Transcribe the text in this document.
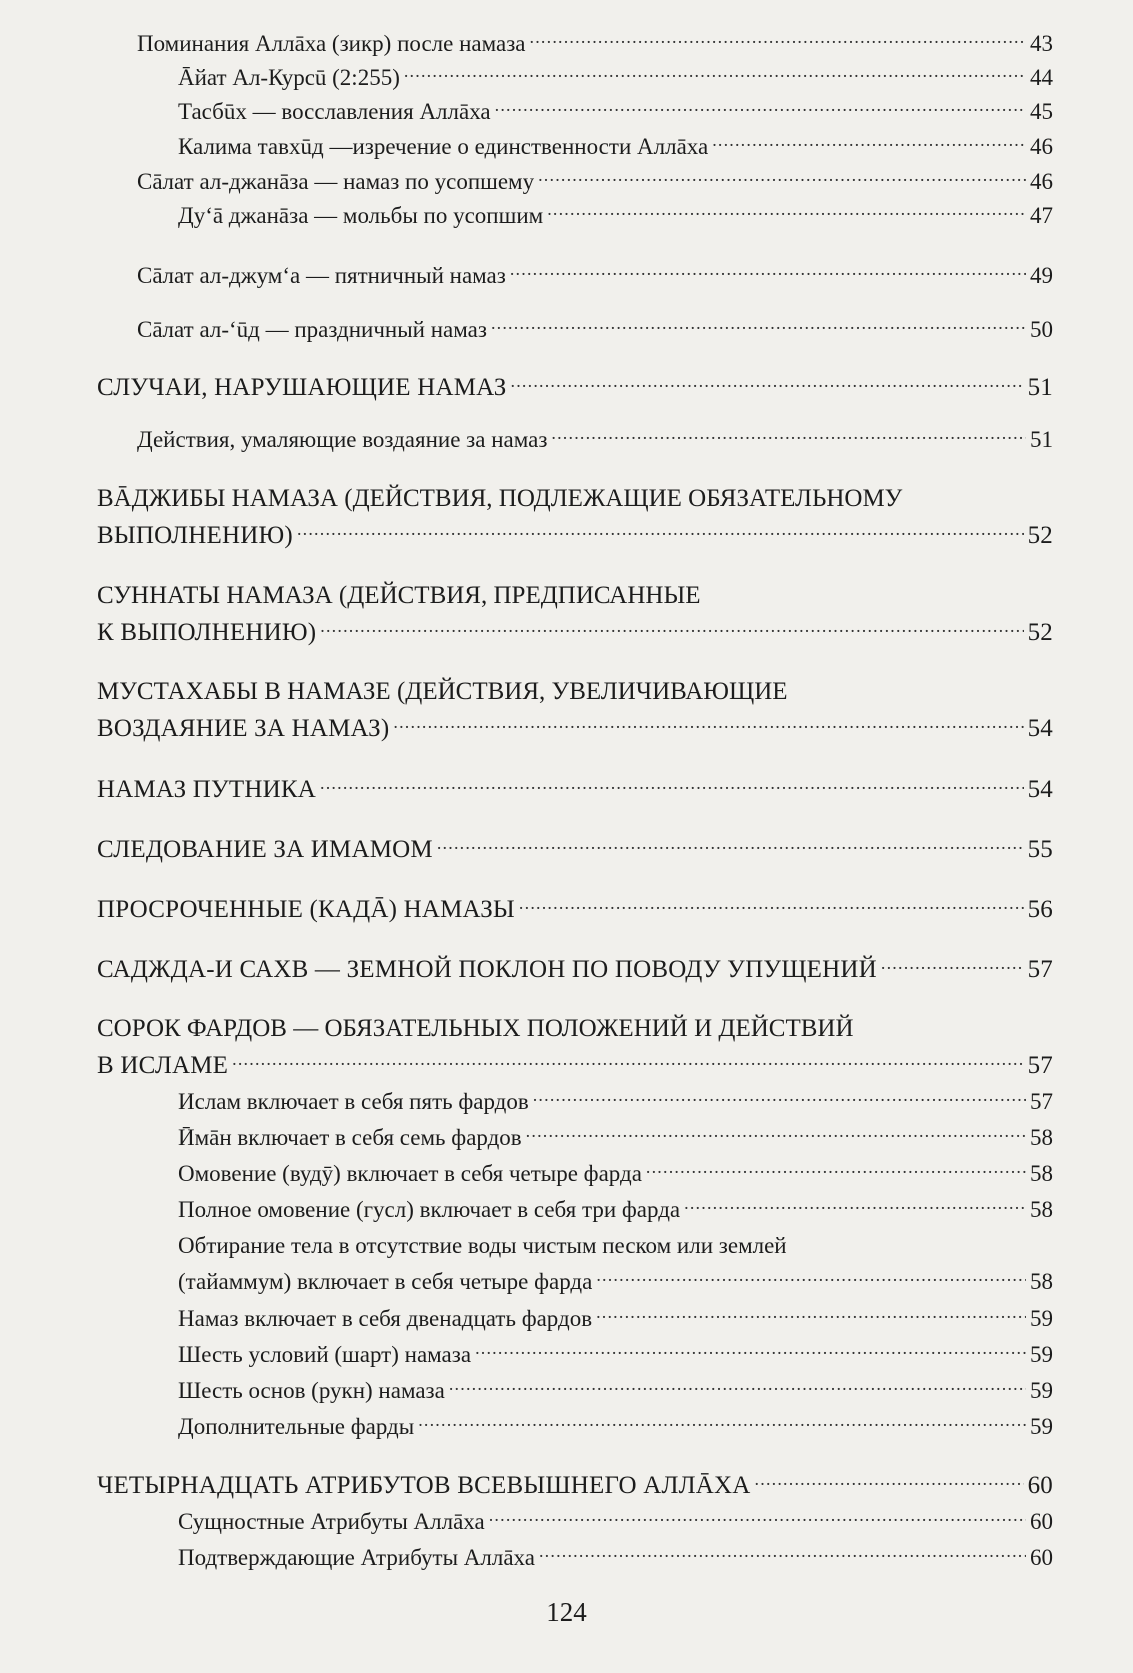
Поминания Аллāха (зикр) после намаза .....	43
Āйат Ал-Курсū (2:255) .....	44
Тасбūх — восславления Аллāха .....	45
Калима тавхūд —изречение о единственности Аллāха .....	46
Сāлат ал-джанāза — намаз по усопшему .....	46
Ду‘ā джанāза — мольбы по усопшим .....	47
Сāлат ал-джум‘а — пятничный намаз .....	49
Сāлат ал-‘ūд — праздничный намаз .....	50
СЛУЧАИ, НАРУШАЮЩИЕ НАМАЗ .....	51
Действия, умаляющие воздаяние за намаз .....	51
ВĀДЖИБЫ НАМАЗА (ДЕЙСТВИЯ, ПОДЛЕЖАЩИЕ ОБЯЗАТЕЛЬНОМУ
ВЫПОЛНЕНИЮ) .....	52
СУННАТЫ НАМАЗА (ДЕЙСТВИЯ, ПРЕДПИСАННЫЕ
К ВЫПОЛНЕНИЮ) .....	52
МУСТАХАБЫ В НАМАЗЕ (ДЕЙСТВИЯ, УВЕЛИЧИВАЮЩИЕ
ВОЗДАЯНИЕ ЗА НАМАЗ) .....	54
НАМАЗ ПУТНИКА .....	54
СЛЕДОВАНИЕ ЗА ИМАМОМ .....	55
ПРОСРОЧЕННЫЕ (КАДĀ) НАМАЗЫ .....	56
САДЖДА-И САХВ — ЗЕМНОЙ ПОКЛОН ПО ПОВОДУ УПУЩЕНИЙ .....	57
СОРОК ФАРДОВ — ОБЯЗАТЕЛЬНЫХ ПОЛОЖЕНИЙ И ДЕЙСТВИЙ
В ИСЛАМЕ .....	57
Ислам включает в себя пять фардов .....	57
Ӣмāн включает в себя семь фардов .....	58
Омовение (вудӯ) включает в себя четыре фарда .....	58
Полное омовение (гусл) включает в себя три фарда .....	58
Обтирание тела в отсутствие воды чистым песком или землей
(тайаммум) включает в себя четыре фарда .....	58
Намаз включает в себя двенадцать фардов .....	59
Шесть условий (шарт) намаза .....	59
Шесть основ (рукн) намаза .....	59
Дополнительные фарды .....	59
ЧЕТЫРНАДЦАТЬ АТРИБУТОВ ВСЕВЫШНЕГО АЛЛĀХА .....	60
Сущностные Атрибуты Аллāха .....	60
Подтверждающие Атрибуты Аллāха .....	60
124
